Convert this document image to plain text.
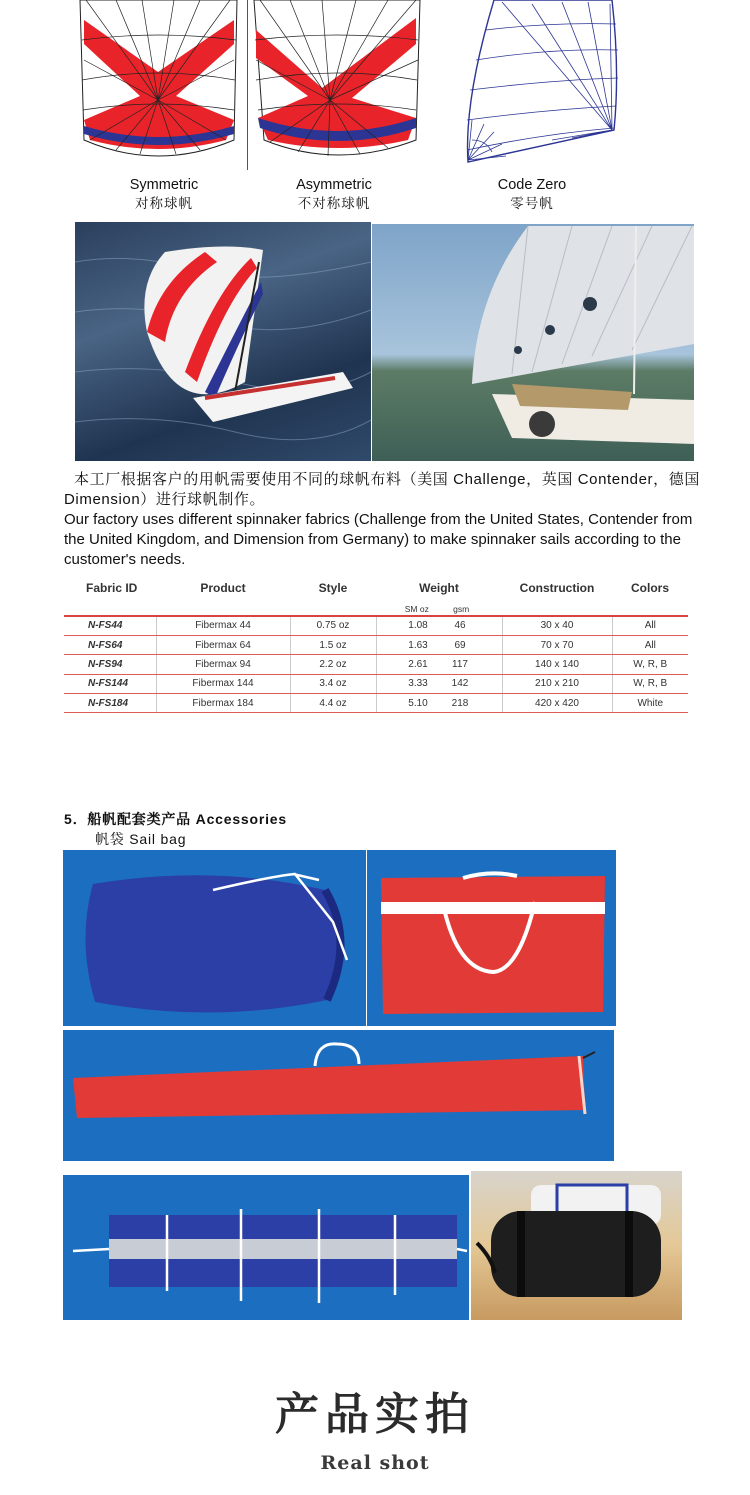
Symmetric
对称球帆
Asymmetric
不对称球帆
Code Zero
零号帆
本工厂根据客户的用帆需要使用不同的球帆布料（美国 Challenge，英国 Contender，德国 Dimension）进行球帆制作。
Our factory uses different spinnaker fabrics (Challenge from the United States, Contender from the United Kingdom, and Dimension from Germany) to make spinnaker sails according to the customer's needs.
Fabric ID	Product	Style	Weight	Construction	Colors
			SM oz gsm		
N-FS44	Fibermax 44	0.75 oz	1.08 46	30 x 40	All
N-FS64	Fibermax 64	1.5 oz	1.63 69	70 x 70	All
N-FS94	Fibermax 94	2.2 oz	2.61 117	140 x 140	W, R, B
N-FS144	Fibermax 144	3.4 oz	3.33 142	210 x 210	W, R, B
N-FS184	Fibermax 184	4.4 oz	5.10 218	420 x 420	White
5．船帆配套类产品 Accessories
帆袋 Sail bag
产品实拍
Real shot
